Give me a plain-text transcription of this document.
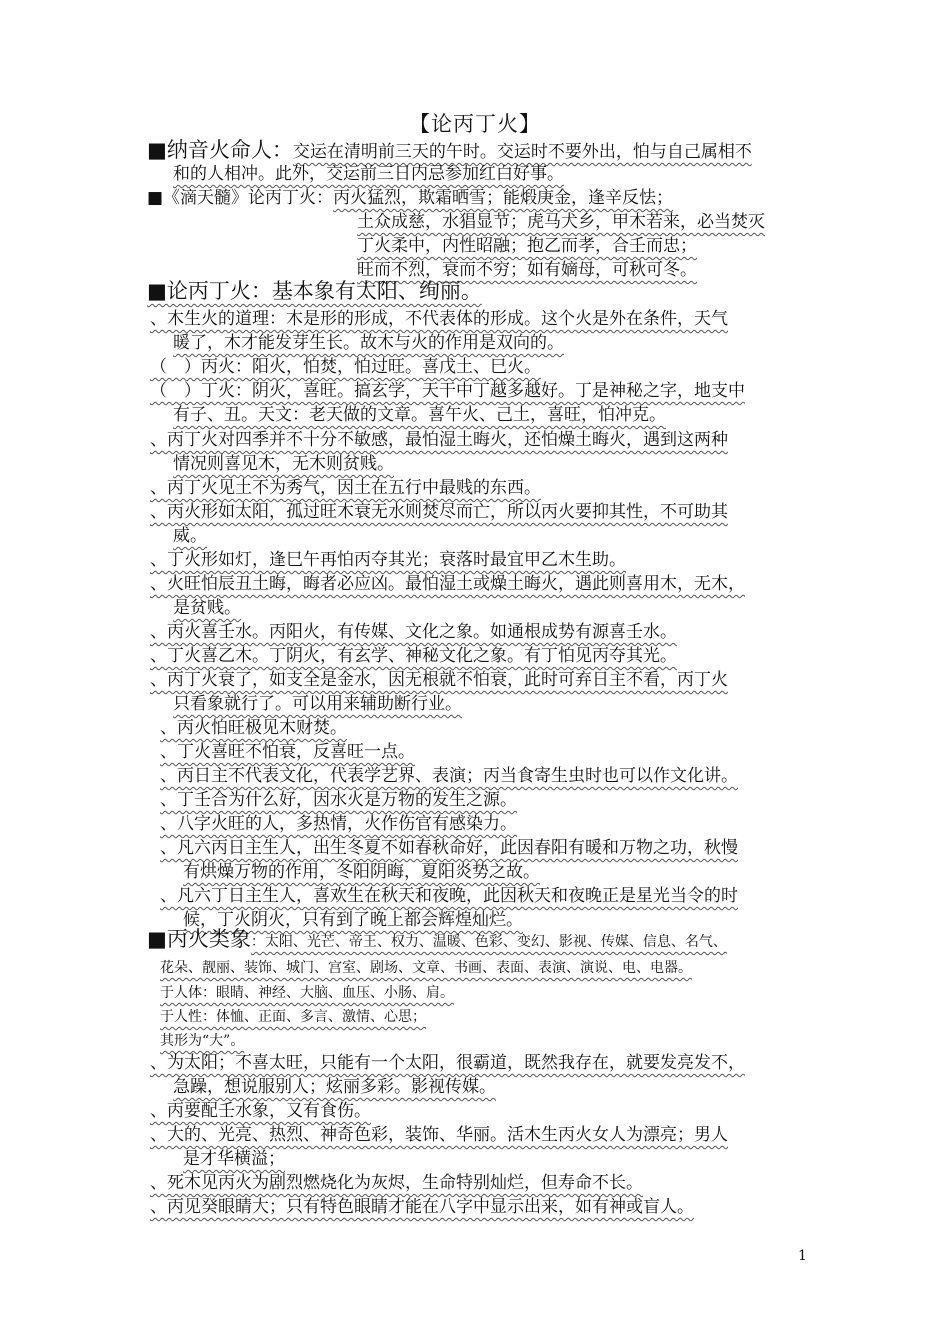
【论丙丁火】
■纳音火命人：交运在清明前三天的午时。交运时不要外出，怕与自己属相不
和的人相冲。此外，交运前三日内忌参加红白好事。
■《滴天髓》论丙丁火：丙火猛烈，欺霜晒雪；能煅庚金，逢辛反怯；
土众成慈，水猖显节；虎马犬乡，甲木若来，必当焚灭
丁火柔中，内性昭融；抱乙而孝，合壬而忠；
旺而不烈，衰而不穷；如有嫡母，可秋可冬。
■论丙丁火：基本象有太阳、绚丽。
、木生火的道理：木是形的形成，不代表体的形成。这个火是外在条件，天气
暖了，木才能发芽生长。故木与火的作用是双向的。
（　）丙火：阳火，怕焚，怕过旺。喜戊土、巳火。
（　）丁火：阴火，喜旺。搞玄学，天干中丁越多越好。丁是神秘之字，地支中
有子、丑。天文：老天做的文章。喜午火、己土，喜旺，怕冲克。
、丙丁火对四季并不十分不敏感，最怕湿土晦火，还怕燥土晦火，遇到这两种
情况则喜见木，无木则贫贱。
、丙丁火见土不为秀气，因土在五行中最贱的东西。
、丙火形如太阳，孤过旺木衰无水则焚尽而亡，所以丙火要抑其性，不可助其
威。
、丁火形如灯，逢巳午再怕丙夺其光；衰落时最宜甲乙木生助。
、火旺怕辰丑土晦，晦者必应凶。最怕湿土或燥土晦火，遇此则喜用木，无木，
是贫贱。
、丙火喜壬水。丙阳火，有传媒、文化之象。如通根成势有源喜壬水。
、丁火喜乙木。丁阴火，有玄学、神秘文化之象。有丁怕见丙夺其光。
、丙丁火衰了，如支全是金水，因无根就不怕衰，此时可弃日主不看，丙丁火
只看象就行了。可以用来辅助断行业。
、丙火怕旺极见木财焚。
、丁火喜旺不怕衰，反喜旺一点。
、丙日主不代表文化，代表学艺界、表演；丙当食寄生虫时也可以作文化讲。
、丁壬合为什么好，因水火是万物的发生之源。
、八字火旺的人，多热情，火作伤官有感染力。
、凡六丙日主生人，出生冬夏不如春秋命好，此因春阳有暖和万物之功，秋慢
有烘燥万物的作用，冬阳阴晦，夏阳炎势之故。
、凡六丁日主生人，喜欢生在秋天和夜晚，此因秋天和夜晚正是星光当令的时
候，丁火阴火，只有到了晚上都会辉煌灿烂。
■丙火类象：太阳、光芒、帝王、权力、温暖、色彩、变幻、影视、传媒、信息、名气、
花朵、靓丽、装饰、城门、宫室、剧场、文章、书画、表面、表演、演说、电、电器。
于人体：眼睛、神经、大脑、血压、小肠、肩。
于人性：体恤、正面、多言、激情、心思；
其形为“大”。
、为太阳；不喜太旺，只能有一个太阳，很霸道，既然我存在，就要发亮发不，
急躁，想说服别人；炫丽多彩。影视传媒。
、丙要配壬水象，又有食伤。
、大的、光亮、热烈、神奇色彩，装饰、华丽。活木生丙火女人为漂亮；男人
是才华横溢；
、死木见丙火为剧烈燃烧化为灰烬，生命特别灿烂，但寿命不长。
、丙见癸眼睛大；只有特色眼睛才能在八字中显示出来，如有神或盲人。
1
